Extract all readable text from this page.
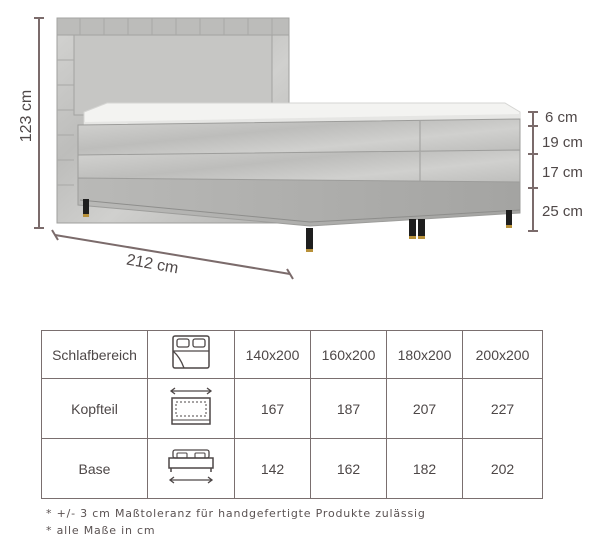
123 cm
212 cm
6 cm
19 cm
17 cm
25 cm
Schlafbereich		140x200	160x200	180x200	200x200
Kopfteil		167	187	207	227
Base		142	162	182	202
* +/- 3 cm Maßtoleranz für handgefertigte Produkte zulässig
* alle Maße in cm
